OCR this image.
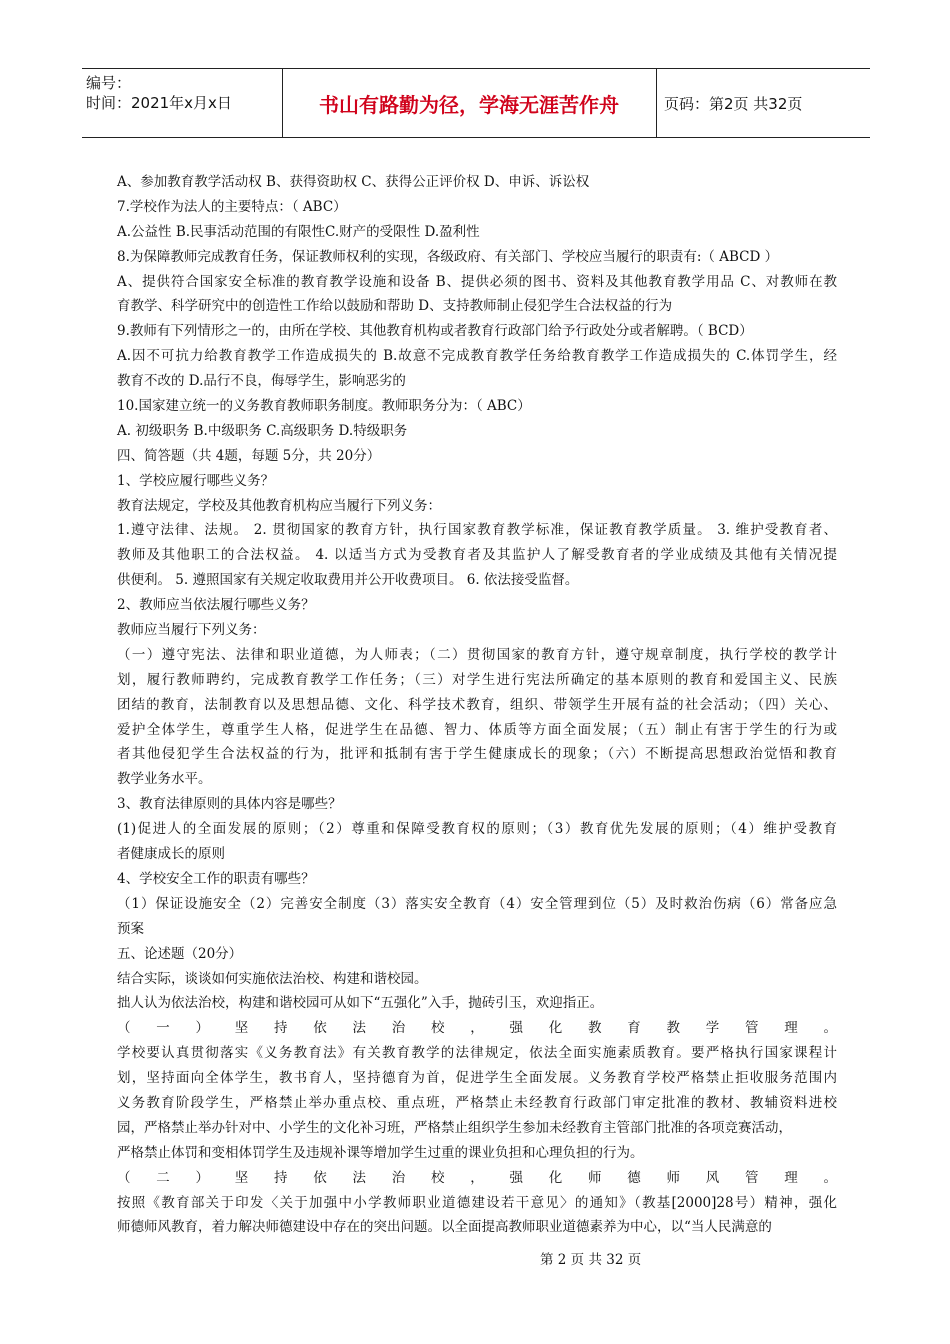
编号：
时间：2021年x月x日	书山有路勤为径，学海无涯苦作舟	页码：第2页 共32页
A、参加教育教学活动权 B、获得资助权 C、获得公正评价权 D、申诉、诉讼权
7.学校作为法人的主要特点：（ ABC）
A.公益性 B.民事活动范围的有限性C.财产的受限性 D.盈利性
8.为保障教师完成教育任务，保证教师权利的实现，各级政府、有关部门、学校应当履行的职责有:（ ABCD ）
A、提供符合国家安全标准的教育教学设施和设备 B、提供必须的图书、资料及其他教育教学用品 C、对教师在教
育教学、科学研究中的创造性工作给以鼓励和帮助 D、支持教师制止侵犯学生合法权益的行为
9.教师有下列情形之一的，由所在学校、其他教育机构或者教育行政部门给予行政处分或者解聘。（ BCD）
A.因不可抗力给教育教学工作造成损失的 B.故意不完成教育教学任务给教育教学工作造成损失的 C.体罚学生，经
教育不改的 D.品行不良，侮辱学生，影响恶劣的
10.国家建立统一的义务教育教师职务制度。教师职务分为：（ ABC）
A. 初级职务 B.中级职务 C.高级职务 D.特级职务
四、简答题（共 4题，每题 5分，共 20分）
1、学校应履行哪些义务？
教育法规定，学校及其他教育机构应当履行下列义务：
1.遵守法律、法规。 2. 贯彻国家的教育方针，执行国家教育教学标准，保证教育教学质量。 3. 维护受教育者、
教师及其他职工的合法权益。 4. 以适当方式为受教育者及其监护人了解受教育者的学业成绩及其他有关情况提
供便利。 5. 遵照国家有关规定收取费用并公开收费项目。 6. 依法接受监督。
2、教师应当依法履行哪些义务？
教师应当履行下列义务：
（一）遵守宪法、法律和职业道德，为人师表；（二）贯彻国家的教育方针，遵守规章制度，执行学校的教学计
划，履行教师聘约，完成教育教学工作任务；（三）对学生进行宪法所确定的基本原则的教育和爱国主义、民族
团结的教育，法制教育以及思想品德、文化、科学技术教育，组织、带领学生开展有益的社会活动；（四）关心、
爱护全体学生，尊重学生人格，促进学生在品德、智力、体质等方面全面发展；（五）制止有害于学生的行为或
者其他侵犯学生合法权益的行为，批评和抵制有害于学生健康成长的现象；（六）不断提高思想政治觉悟和教育
教学业务水平。
3、教育法律原则的具体内容是哪些？
(1)促进人的全面发展的原则；（2）尊重和保障受教育权的原则；（3）教育优先发展的原则；（4）维护受教育
者健康成长的原则
4、学校安全工作的职责有哪些？
（1）保证设施安全（2）完善安全制度（3）落实安全教育（4）安全管理到位（5）及时救治伤病（6）常备应急
预案
五、论述题（20分）
结合实际，谈谈如何实施依法治校、构建和谐校园。
拙人认为依法治校，构建和谐校园可从如下“五强化”入手，抛砖引玉，欢迎指正。
（一）坚持依法治校，强化教育教学管理。
学校要认真贯彻落实《义务教育法》有关教育教学的法律规定，依法全面实施素质教育。要严格执行国家课程计
划，坚持面向全体学生，教书育人，坚持德育为首，促进学生全面发展。义务教育学校严格禁止拒收服务范围内
义务教育阶段学生，严格禁止举办重点校、重点班，严格禁止未经教育行政部门审定批准的教材、教辅资料进校
园，严格禁止举办针对中、小学生的文化补习班，严格禁止组织学生参加未经教育主管部门批准的各项竞赛活动，
严格禁止体罚和变相体罚学生及违规补课等增加学生过重的课业负担和心理负担的行为。
（二）坚持依法治校，强化师德师风管理。
按照《教育部关于印发〈关于加强中小学教师职业道德建设若干意见〉的通知》（教基[2000]28号）精神，强化
师德师风教育，着力解决师德建设中存在的突出问题。以全面提高教师职业道德素养为中心，以“当人民满意的
第 2 页 共 32 页
